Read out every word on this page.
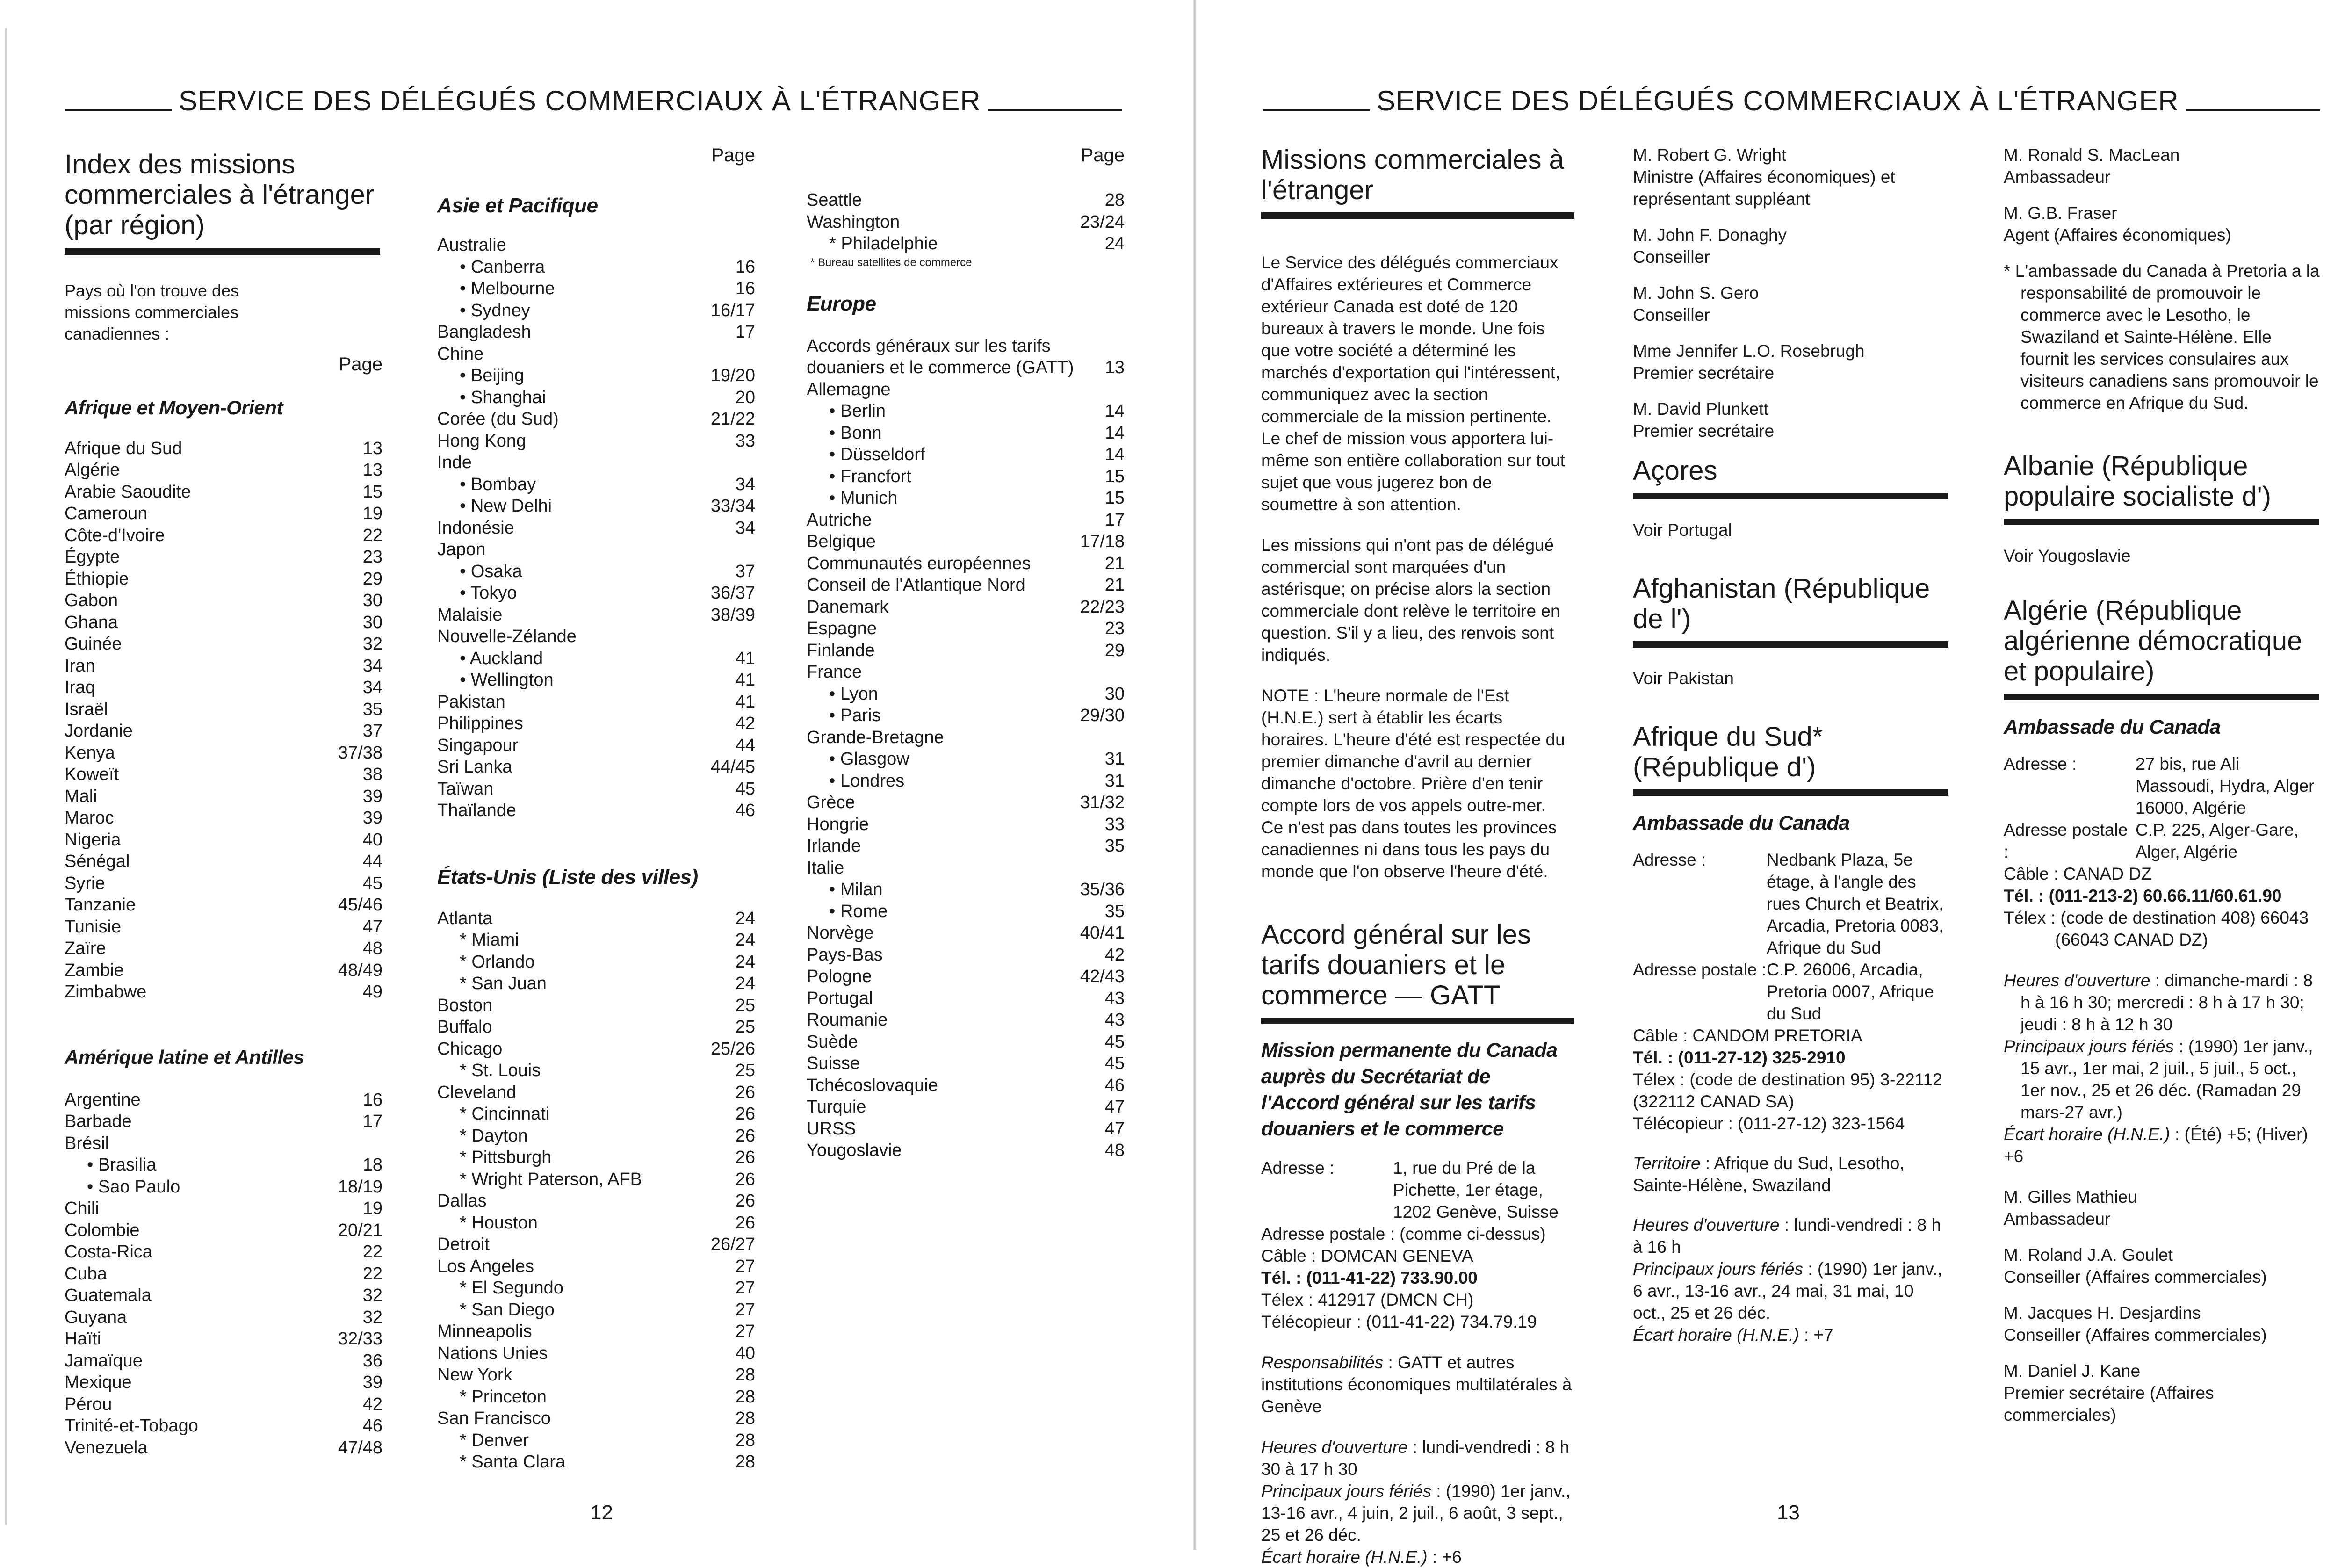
SERVICE DES DÉLÉGUÉS COMMERCIAUX À L'ÉTRANGER
Index des missions commerciales à l'étranger (par région)
Pays où l'on trouve des missions commerciales canadiennes :
Page
Afrique et Moyen-Orient
Afrique du Sud	13
Algérie	13
Arabie Saoudite	15
Cameroun	19
Côte-d'Ivoire	22
Égypte	23
Éthiopie	29
Gabon	30
Ghana	30
Guinée	32
Iran	34
Iraq	34
Israël	35
Jordanie	37
Kenya	37/38
Koweït	38
Mali	39
Maroc	39
Nigeria	40
Sénégal	44
Syrie	45
Tanzanie	45/46
Tunisie	47
Zaïre	48
Zambie	48/49
Zimbabwe	49
Amérique latine et Antilles
Argentine	16
Barbade	17
Brésil
• Brasilia	18
• Sao Paulo	18/19
Chili	19
Colombie	20/21
Costa-Rica	22
Cuba	22
Guatemala	32
Guyana	32
Haïti	32/33
Jamaïque	36
Mexique	39
Pérou	42
Trinité-et-Tobago	46
Venezuela	47/48
Page
Asie et Pacifique
Australie
• Canberra	16
• Melbourne	16
• Sydney	16/17
Bangladesh	17
Chine
• Beijing	19/20
• Shanghai	20
Corée (du Sud)	21/22
Hong Kong	33
Inde
• Bombay	34
• New Delhi	33/34
Indonésie	34
Japon
• Osaka	37
• Tokyo	36/37
Malaisie	38/39
Nouvelle-Zélande
• Auckland	41
• Wellington	41
Pakistan	41
Philippines	42
Singapour	44
Sri Lanka	44/45
Taïwan	45
Thaïlande	46
États-Unis (Liste des villes)
Atlanta	24
* Miami	24
* Orlando	24
* San Juan	24
Boston	25
Buffalo	25
Chicago	25/26
* St. Louis	25
Cleveland	26
* Cincinnati	26
* Dayton	26
* Pittsburgh	26
* Wright Paterson, AFB	26
Dallas	26
* Houston	26
Detroit	26/27
Los Angeles	27
* El Segundo	27
* San Diego	27
Minneapolis	27
Nations Unies	40
New York	28
* Princeton	28
San Francisco	28
* Denver	28
* Santa Clara	28
Page
Seattle	28
Washington	23/24
* Philadelphie	24
* Bureau satellites de commerce
Europe
Accords généraux sur les tarifs douaniers et le commerce (GATT)	13
Allemagne
• Berlin	14
• Bonn	14
• Düsseldorf	14
• Francfort	15
• Munich	15
Autriche	17
Belgique	17/18
Communautés européennes	21
Conseil de l'Atlantique Nord	21
Danemark	22/23
Espagne	23
Finlande	29
France
• Lyon	30
• Paris	29/30
Grande-Bretagne
• Glasgow	31
• Londres	31
Grèce	31/32
Hongrie	33
Irlande	35
Italie
• Milan	35/36
• Rome	35
Norvège	40/41
Pays-Bas	42
Pologne	42/43
Portugal	43
Roumanie	43
Suède	45
Suisse	45
Tchécoslovaquie	46
Turquie	47
URSS	47
Yougoslavie	48
12
SERVICE DES DÉLÉGUÉS COMMERCIAUX À L'ÉTRANGER
Missions commerciales à l'étranger

Le Service des délégués commerciaux d'Affaires extérieures et Commerce extérieur Canada est doté de 120 bureaux à travers le monde. Une fois que votre société a déterminé les marchés d'exportation qui l'intéressent, communiquez avec la section commerciale de la mission pertinente. Le chef de mission vous apportera lui-même son entière collaboration sur tout sujet que vous jugerez bon de soumettre à son attention.

Les missions qui n'ont pas de délégué commercial sont marquées d'un astérisque; on précise alors la section commerciale dont relève le territoire en question. S'il y a lieu, des renvois sont indiqués.

NOTE : L'heure normale de l'Est (H.N.E.) sert à établir les écarts horaires. L'heure d'été est respectée du premier dimanche d'avril au dernier dimanche d'octobre. Prière d'en tenir compte lors de vos appels outre-mer. Ce n'est pas dans toutes les provinces canadiennes ni dans tous les pays du monde que l'on observe l'heure d'été.

Accord général sur les tarifs douaniers et le commerce — GATT
Mission permanente du Canada auprès du Secrétariat de l'Accord général sur les tarifs douaniers et le commerce
Adresse :	1, rue du Pré de la Pichette, 1er étage, 1202 Genève, Suisse
Adresse postale : (comme ci-dessus)
Câble : DOMCAN GENEVA
Tél. : (011-41-22) 733.90.00
Télex : 412917 (DMCN CH)
Télécopieur : (011-41-22) 734.79.19
Responsabilités : GATT et autres institutions économiques multilatérales à Genève
Heures d'ouverture : lundi-vendredi : 8 h 30 à 17 h 30
Principaux jours fériés : (1990) 1er janv., 13-16 avr., 4 juin, 2 juil., 6 août, 3 sept., 25 et 26 déc.
Écart horaire (H.N.E.) : +6
M. Robert G. Wright
Ministre (Affaires économiques) et représentant suppléant
M. John F. Donaghy
Conseiller
M. John S. Gero
Conseiller
Mme Jennifer L.O. Rosebrugh
Premier secrétaire
M. David Plunkett
Premier secrétaire
Açores
Voir Portugal
Afghanistan (République de l')
Voir Pakistan
Afrique du Sud* (République d')
Ambassade du Canada
Adresse :	Nedbank Plaza, 5e étage, à l'angle des rues Church et Beatrix, Arcadia, Pretoria 0083, Afrique du Sud
Adresse postale : C.P. 26006, Arcadia, Pretoria 0007, Afrique du Sud
Câble : CANDOM PRETORIA
Tél. : (011-27-12) 325-2910
Télex : (code de destination 95) 3-22112 (322112 CANAD SA)
Télécopieur : (011-27-12) 323-1564
Territoire : Afrique du Sud, Lesotho, Sainte-Hélène, Swaziland
Heures d'ouverture : lundi-vendredi : 8 h à 16 h
Principaux jours fériés : (1990) 1er janv., 6 avr., 13-16 avr., 24 mai, 31 mai, 10 oct., 25 et 26 déc.
Écart horaire (H.N.E.) : +7
M. Ronald S. MacLean
Ambassadeur
M. G.B. Fraser
Agent (Affaires économiques)
* L'ambassade du Canada à Pretoria a la responsabilité de promouvoir le commerce avec le Lesotho, le Swaziland et Sainte-Hélène. Elle fournit les services consulaires aux visiteurs canadiens sans promouvoir le commerce en Afrique du Sud.
Albanie (République populaire socialiste d')
Voir Yougoslavie
Algérie (République algérienne démocratique et populaire)
Ambassade du Canada
Adresse :	27 bis, rue Ali Massoudi, Hydra, Alger 16000, Algérie
Adresse postale :
C.P. 225, Alger-Gare, Alger, Algérie
Câble : CANAD DZ
Tél. : (011-213-2) 60.66.11/60.61.90
Télex : (code de destination 408) 66043 (66043 CANAD DZ)
Heures d'ouverture : dimanche-mardi : 8 h à 16 h 30; mercredi : 8 h à 17 h 30; jeudi : 8 h à 12 h 30
Principaux jours fériés : (1990) 1er janv., 15 avr., 1er mai, 2 juil., 5 juil., 5 oct., 1er nov., 25 et 26 déc. (Ramadan 29 mars-27 avr.)
Écart horaire (H.N.E.) : (Été) +5; (Hiver) +6
M. Gilles Mathieu
Ambassadeur
M. Roland J.A. Goulet
Conseiller (Affaires commerciales)
M. Jacques H. Desjardins
Conseiller (Affaires commerciales)
M. Daniel J. Kane
Premier secrétaire (Affaires commerciales)
13
